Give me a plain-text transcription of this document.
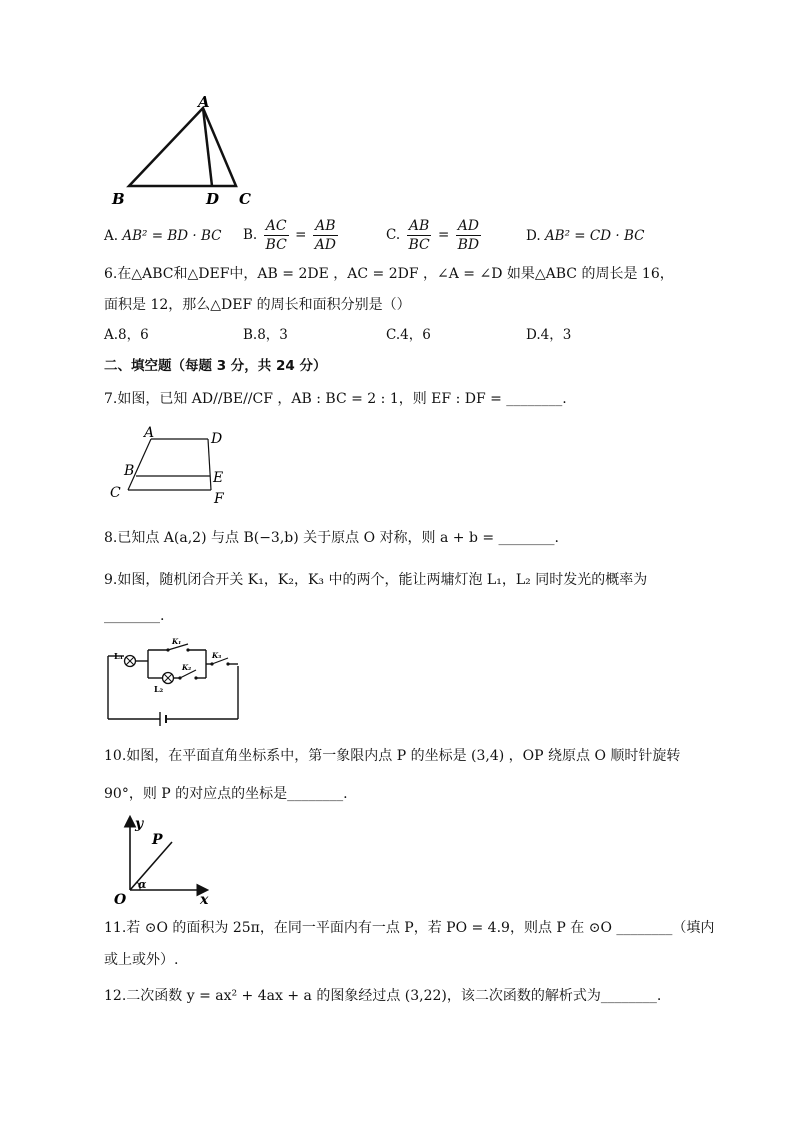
A
B	D C
A. AB² = BD · BC B. $\frac{AC}{BC} = \frac{AB}{AD}$	C. $\frac{AB}{BC} = \frac{AD}{BD}$	D. AB² = CD · BC
6.在△ABC和△DEF中，AB = 2DE ，AC = 2DF ，∠A = ∠D 如果△ABC 的周长是 16，
面积是 12，那么△DEF 的周长和面积分别是（）
A.8，6	B.8，3	C.4，6	D.4，3
二、填空题（每题 3 分，共 24 分）
7.如图，已知 AD//BE//CF ，AB : BC = 2 : 1，则 EF : DF = ________.
A	D
B	E
C	F
8.已知点 A(a,2) 与点 B(−3,b) 关于原点 O 对称，则 a + b = ________.
9.如图，随机闭合开关 K₁，K₂，K₃ 中的两个，能让两墉灯泡 L₁，L₂ 同时发光的概率为
________.
L₁
L₂
K₁
K₂
K₃
10.如图，在平面直角坐标系中，第一象限内点 P 的坐标是 (3,4) ，OP 绕原点 O 顺时针旋转
90°，则 P 的对应点的坐标是________.
y
P
α
O	x
11.若 ⊙O 的面积为 25π，在同一平面内有一点 P，若 PO = 4.9，则点 P 在 ⊙O ________（填内
或上或外）.
12.二次函数 y = ax² + 4ax + a 的图象经过点 (3,22)，该二次函数的解析式为________.
